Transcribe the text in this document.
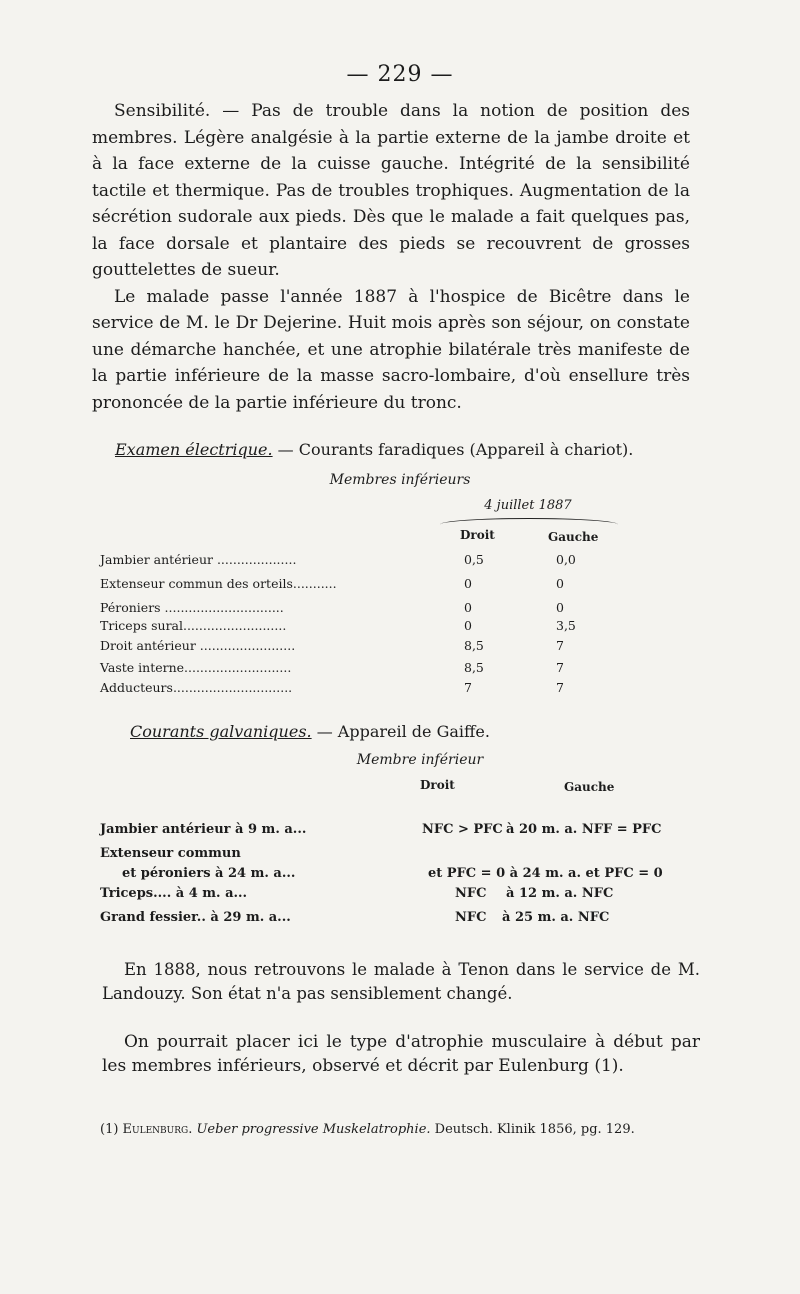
— 229 —

Sensibilité. — Pas de trouble dans la notion de position des membres. Légère analgésie à la partie externe de la jambe droite et à la face externe de la cuisse gauche. Intégrité de la sensibilité tactile et thermique. Pas de troubles trophiques. Augmentation de la sécrétion sudorale aux pieds. Dès que le malade a fait quelques pas, la face dorsale et plantaire des pieds se recouvrent de grosses gouttelettes de sueur.

Le malade passe l'année 1887 à l'hospice de Bicêtre dans le service de M. le Dr Dejerine. Huit mois après son séjour, on constate une démarche hanchée, et une atrophie bilatérale très manifeste de la partie inférieure de la masse sacro-lombaire, d'où ensellure très prononcée de la partie inférieure du tronc.

Examen électrique. — Courants faradiques (Appareil à chariot).
Membres inférieurs
4 juillet 1887
Droit	Gauche
Jambier antérieur ....................	0,5	0,0
Extenseur commun des orteils...........	0	0
Péroniers ..............................	0	0
Triceps sural..........................	0	3,5
Droit antérieur ........................	8,5	7
Vaste interne...........................	8,5	7
Adducteurs..............................	7	7
Courants galvaniques. — Appareil de Gaiffe.
Membre inférieur
Droit	Gauche
Jambier antérieur à 9 m. a...	NFC > PFC à 20 m. a. NFF = PFC
Extenseur commun
et péroniers à 24 m. a...	et PFC = 0 à 24 m. a. et PFC = 0
Triceps.... à 4 m. a...	NFC à 12 m. a. NFC
Grand fessier.. à 29 m. a...	NFC à 25 m. a. NFC

En 1888, nous retrouvons le malade à Tenon dans le service de M. Landouzy. Son état n'a pas sensiblement changé.

On pourrait placer ici le type d'atrophie musculaire à début par les membres inférieurs, observé et décrit par Eulenburg (1).

(1) Eulenburg. Ueber progressive Muskelatrophie. Deutsch. Klinik 1856, pg. 129.
